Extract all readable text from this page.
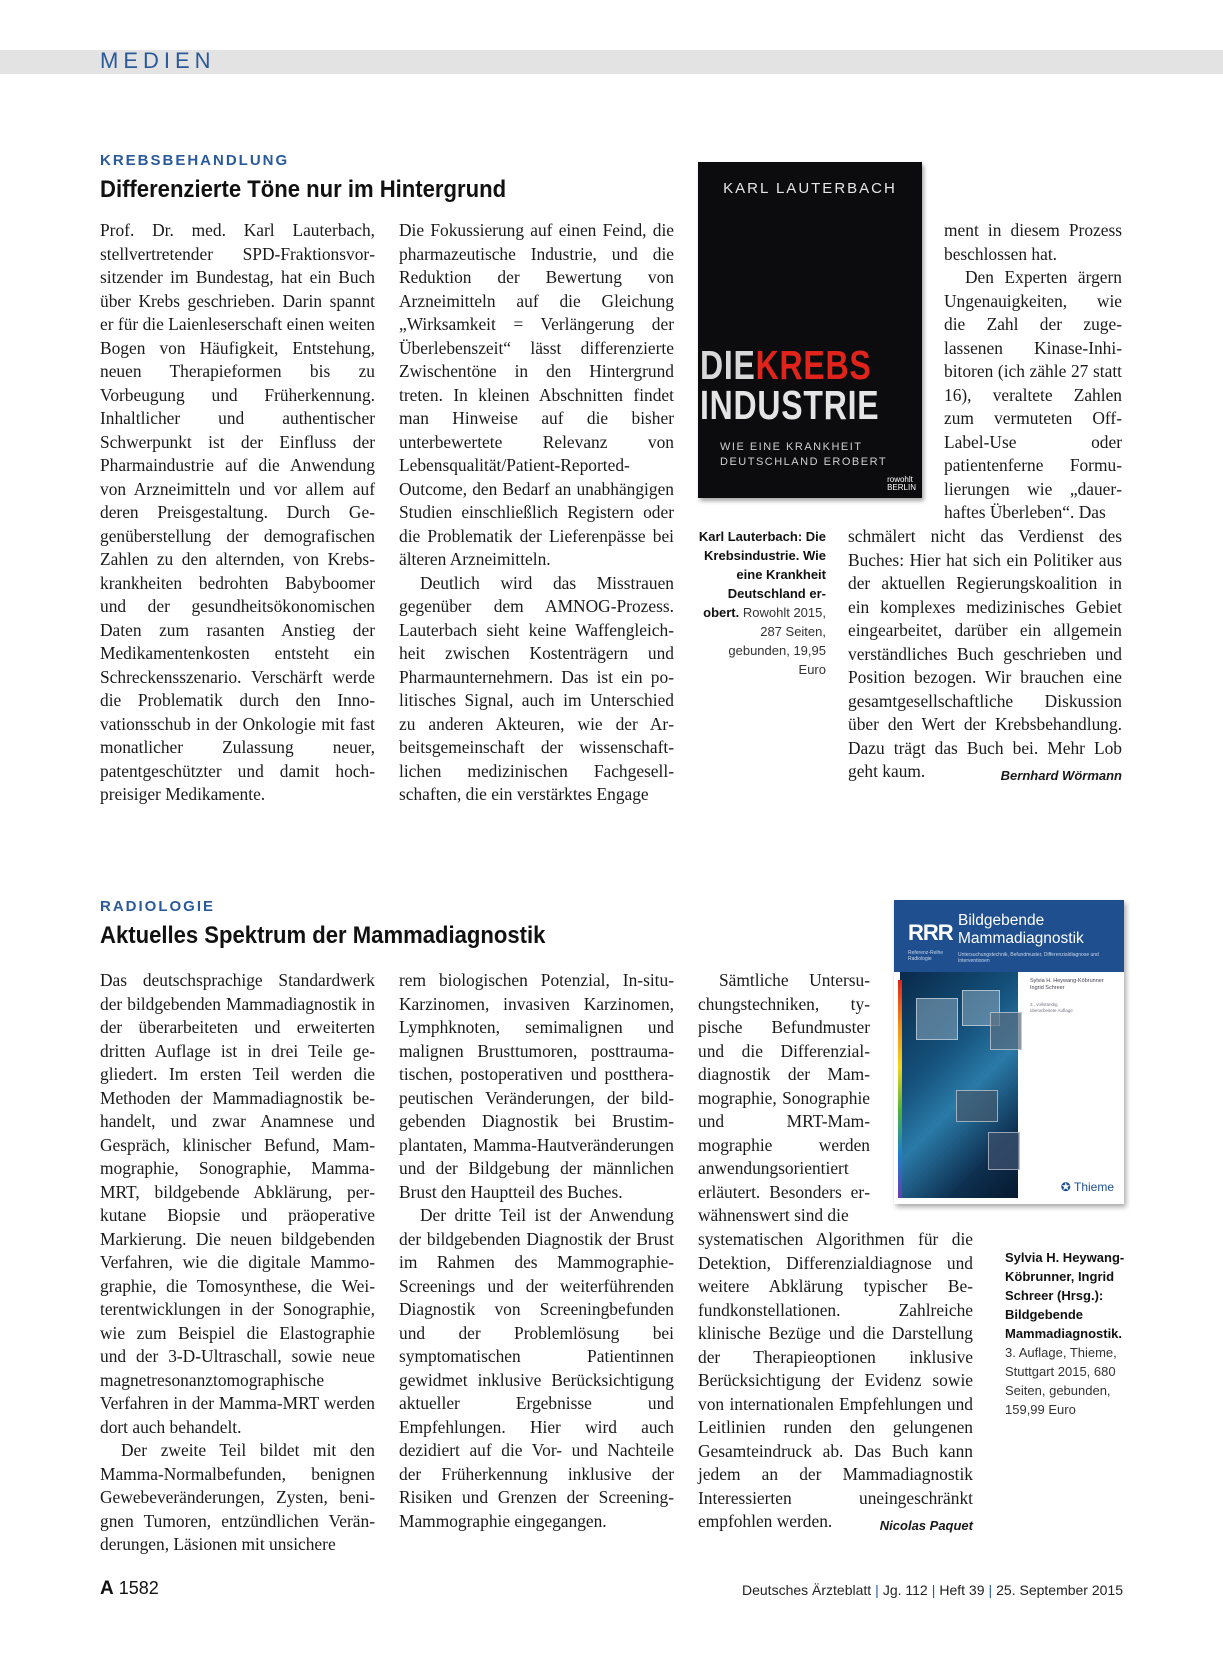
MEDIEN
KREBSBEHANDLUNG
Differenzierte Töne nur im Hintergrund

Prof. Dr. med. Karl Lauterbach, stellvertretender SPD-Fraktionsvorsitzender im Bundestag, hat ein Buch über Krebs geschrieben. Darin spannt er für die Laienleserschaft einen weiten Bogen von Häufigkeit, Entstehung, neuen Therapieformen bis zu Vorbeugung und Früherkennung. Inhaltlicher und authentischer Schwerpunkt ist der Einfluss der Pharmaindustrie auf die Anwendung von Arzneimitteln und vor allem auf deren Preisgestaltung. Durch Gegenüberstellung der demografischen Zahlen zu den alternden, von Krebskrankheiten bedrohten Babyboomer und der gesundheitsökonomischen Daten zum rasanten Anstieg der Medikamentenkosten entsteht ein Schreckensszenario. Verschärft werde die Problematik durch den Innovationsschub in der Onkologie mit fast monatlicher Zulassung neuer, patentgeschützter und damit hochpreisiger Medikamente.

Die Fokussierung auf einen Feind, die pharmazeutische Industrie, und die Reduktion der Bewertung von Arzneimitteln auf die Gleichung „Wirksamkeit = Verlängerung der Überlebenszeit“ lässt differenzierte Zwischentöne in den Hintergrund treten. In kleinen Abschnitten findet man Hinweise auf die bisher unterbewertete Relevanz von Lebensqualität/Patient-Reported-Outcome, den Bedarf an unabhängigen Studien einschließlich Registern oder die Problematik der Lieferenpässe bei älteren Arzneimitteln.

Deutlich wird das Misstrauen gegenüber dem AMNOG-Prozess. Lauterbach sieht keine Waffengleichheit zwischen Kostenträgern und Pharmaunternehmern. Das ist ein politisches Signal, auch im Unterschied zu anderen Akteuren, wie der Arbeitsgemeinschaft der wissenschaftlichen medizinischen Fachgesellschaften, die ein verstärktes Engage

ment in diesem Prozess beschlossen hat.

Den Experten ärgern Ungenauigkeiten, wie die Zahl der zugelassenen Kinase-Inhibitoren (ich zähle 27 statt 16), veraltete Zahlen zum vermuteten Off-Label-Use oder patientenferne Formulierungen wie „dauerhaftes Überleben“. Das

schmälert nicht das Verdienst des Buches: Hier hat sich ein Politiker aus der aktuellen Regierungskoalition in ein komplexes medizinisches Gebiet eingearbeitet, darüber ein allgemein verständliches Buch geschrieben und Position bezogen. Wir brauchen eine gesamtgesellschaftliche Diskussion über den Wert der Krebsbehandlung. Dazu trägt das Buch bei. Mehr Lob geht kaum.	Bernhard Wörmann

KARL LAUTERBACH
DIEKREBS
INDUSTRIE
WIE EINE KRANKHEIT
DEUTSCHLAND EROBERT
rowohlt
BERLIN
Karl Lauterbach: Die Krebsindustrie. Wie eine Krankheit Deutschland erobert. Rowohlt 2015, 287 Seiten, gebunden, 19,95 Euro
RADIOLOGIE
Aktuelles Spektrum der Mammadiagnostik

Das deutschsprachige Standardwerk der bildgebenden Mammadiagnostik in der überarbeiteten und erweiterten dritten Auflage ist in drei Teile gegliedert. Im ersten Teil werden die Methoden der Mammadiagnostik behandelt, und zwar Anamnese und Gespräch, klinischer Befund, Mammographie, Sonographie, Mamma-MRT, bildgebende Abklärung, perkutane Biopsie und präoperative Markierung. Die neuen bildgebenden Verfahren, wie die digitale Mammographie, die Tomosynthese, die Weiterentwicklungen in der Sonographie, wie zum Beispiel die Elastographie und der 3-D-Ultraschall, sowie neue magnetresonanztomographische Verfahren in der Mamma-MRT werden dort auch behandelt.

Der zweite Teil bildet mit den Mamma-Normalbefunden, benignen Gewebeveränderungen, Zysten, benignen Tumoren, entzündlichen Veränderungen, Läsionen mit unsichere

rem biologischen Potenzial, In-situ-Karzinomen, invasiven Karzinomen, Lymphknoten, semimalignen und malignen Brusttumoren, posttraumatischen, postoperativen und posttherapeutischen Veränderungen, der bildgebenden Diagnostik bei Brustimplantaten, Mamma-Hautveränderungen und der Bildgebung der männlichen Brust den Hauptteil des Buches.

Der dritte Teil ist der Anwendung der bildgebenden Diagnostik der Brust im Rahmen des Mammographie-Screenings und der weiterführenden Diagnostik von Screeningbefunden und der Problemlösung bei symptomatischen Patientinnen gewidmet inklusive Berücksichtigung aktueller Ergebnisse und Empfehlungen. Hier wird auch dezidiert auf die Vor- und Nachteile der Früherkennung inklusive der Risiken und Grenzen der Screening-Mammographie eingegangen.

Sämtliche Untersuchungstechniken, typische Befundmuster und die Differenzialdiagnostik der Mammographie, Sonographie und MRT-Mammographie werden anwendungsorientiert erläutert. Besonders erwähnenswert sind die

systematischen Algorithmen für die Detektion, Differenzialdiagnose und weitere Abklärung typischer Befundkonstellationen. Zahlreiche klinische Bezüge und die Darstellung der Therapieoptionen inklusive Berücksichtigung der Evidenz sowie von internationalen Empfehlungen und Leitlinien runden den gelungenen Gesamteindruck ab. Das Buch kann jedem an der Mammadiagnostik Interessierten uneingeschränkt empfohlen werden.	Nicolas Paquet

RRR Bildgebende
Mammadiagnostik
Referenz-Reihe Radiologie
Untersuchungstechnik, Befundmuster, Differenzialdiagnose und Interventionen
Sylvia H. Heywang-Köbrunner Ingrid Schreer
3., vollständig überarbeitete Auflage
✪ Thieme
Sylvia H. Heywang-Köbrunner, Ingrid Schreer (Hrsg.): Bildgebende Mammadiagnostik. 3. Auflage, Thieme, Stuttgart 2015, 680 Seiten, gebunden, 159,99 Euro
A 1582	Deutsches Ärzteblatt | Jg. 112 | Heft 39 | 25. September 2015
